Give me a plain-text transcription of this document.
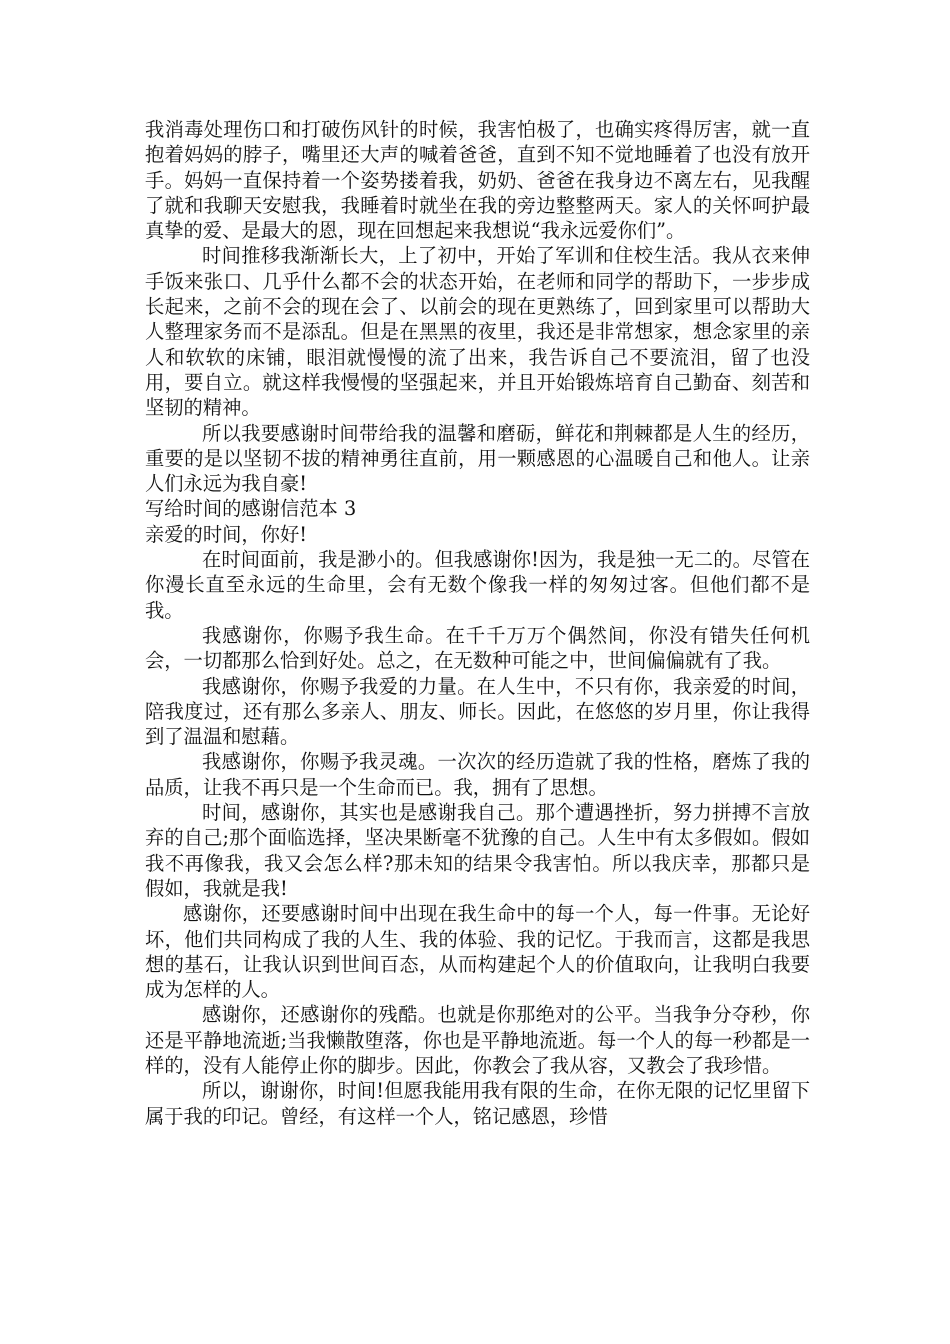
我消毒处理伤口和打破伤风针的时候，我害怕极了，也确实疼得厉害，就一直抱着妈妈的脖子，嘴里还大声的喊着爸爸，直到不知不觉地睡着了也没有放开手。妈妈一直保持着一个姿势搂着我，奶奶、爸爸在我身边不离左右，见我醒了就和我聊天安慰我，我睡着时就坐在我的旁边整整两天。家人的关怀呵护最真挚的爱、是最大的恩，现在回想起来我想说“我永远爱你们”。

时间推移我渐渐长大，上了初中，开始了军训和住校生活。我从衣来伸手饭来张口、几乎什么都不会的状态开始，在老师和同学的帮助下，一步步成长起来，之前不会的现在会了、以前会的现在更熟练了，回到家里可以帮助大人整理家务而不是添乱。但是在黑黑的夜里，我还是非常想家，想念家里的亲人和软软的床铺，眼泪就慢慢的流了出来，我告诉自己不要流泪，留了也没用，要自立。就这样我慢慢的坚强起来，并且开始锻炼培育自己勤奋、刻苦和坚韧的精神。

所以我要感谢时间带给我的温馨和磨砺，鲜花和荆棘都是人生的经历，重要的是以坚韧不拔的精神勇往直前，用一颗感恩的心温暖自己和他人。让亲人们永远为我自豪!

写给时间的感谢信范本 3

亲爱的时间，你好!

在时间面前，我是渺小的。但我感谢你!因为，我是独一无二的。尽管在你漫长直至永远的生命里，会有无数个像我一样的匆匆过客。但他们都不是我。

我感谢你，你赐予我生命。在千千万万个偶然间，你没有错失任何机会，一切都那么恰到好处。总之，在无数种可能之中，世间偏偏就有了我。

我感谢你，你赐予我爱的力量。在人生中，不只有你，我亲爱的时间，陪我度过，还有那么多亲人、朋友、师长。因此，在悠悠的岁月里，你让我得到了温温和慰藉。

我感谢你，你赐予我灵魂。一次次的经历造就了我的性格，磨炼了我的品质，让我不再只是一个生命而已。我，拥有了思想。

时间，感谢你，其实也是感谢我自己。那个遭遇挫折，努力拼搏不言放弃的自己;那个面临选择，坚决果断毫不犹豫的自己。人生中有太多假如。假如我不再像我，我又会怎么样?那未知的结果令我害怕。所以我庆幸，那都只是假如，我就是我!

感谢你，还要感谢时间中出现在我生命中的每一个人，每一件事。无论好坏，他们共同构成了我的人生、我的体验、我的记忆。于我而言，这都是我思想的基石，让我认识到世间百态，从而构建起个人的价值取向，让我明白我要成为怎样的人。

感谢你，还感谢你的残酷。也就是你那绝对的公平。当我争分夺秒，你还是平静地流逝;当我懒散堕落，你也是平静地流逝。每一个人的每一秒都是一样的，没有人能停止你的脚步。因此，你教会了我从容，又教会了我珍惜。

所以，谢谢你，时间!但愿我能用我有限的生命，在你无限的记忆里留下属于我的印记。曾经，有这样一个人，铭记感恩，珍惜
